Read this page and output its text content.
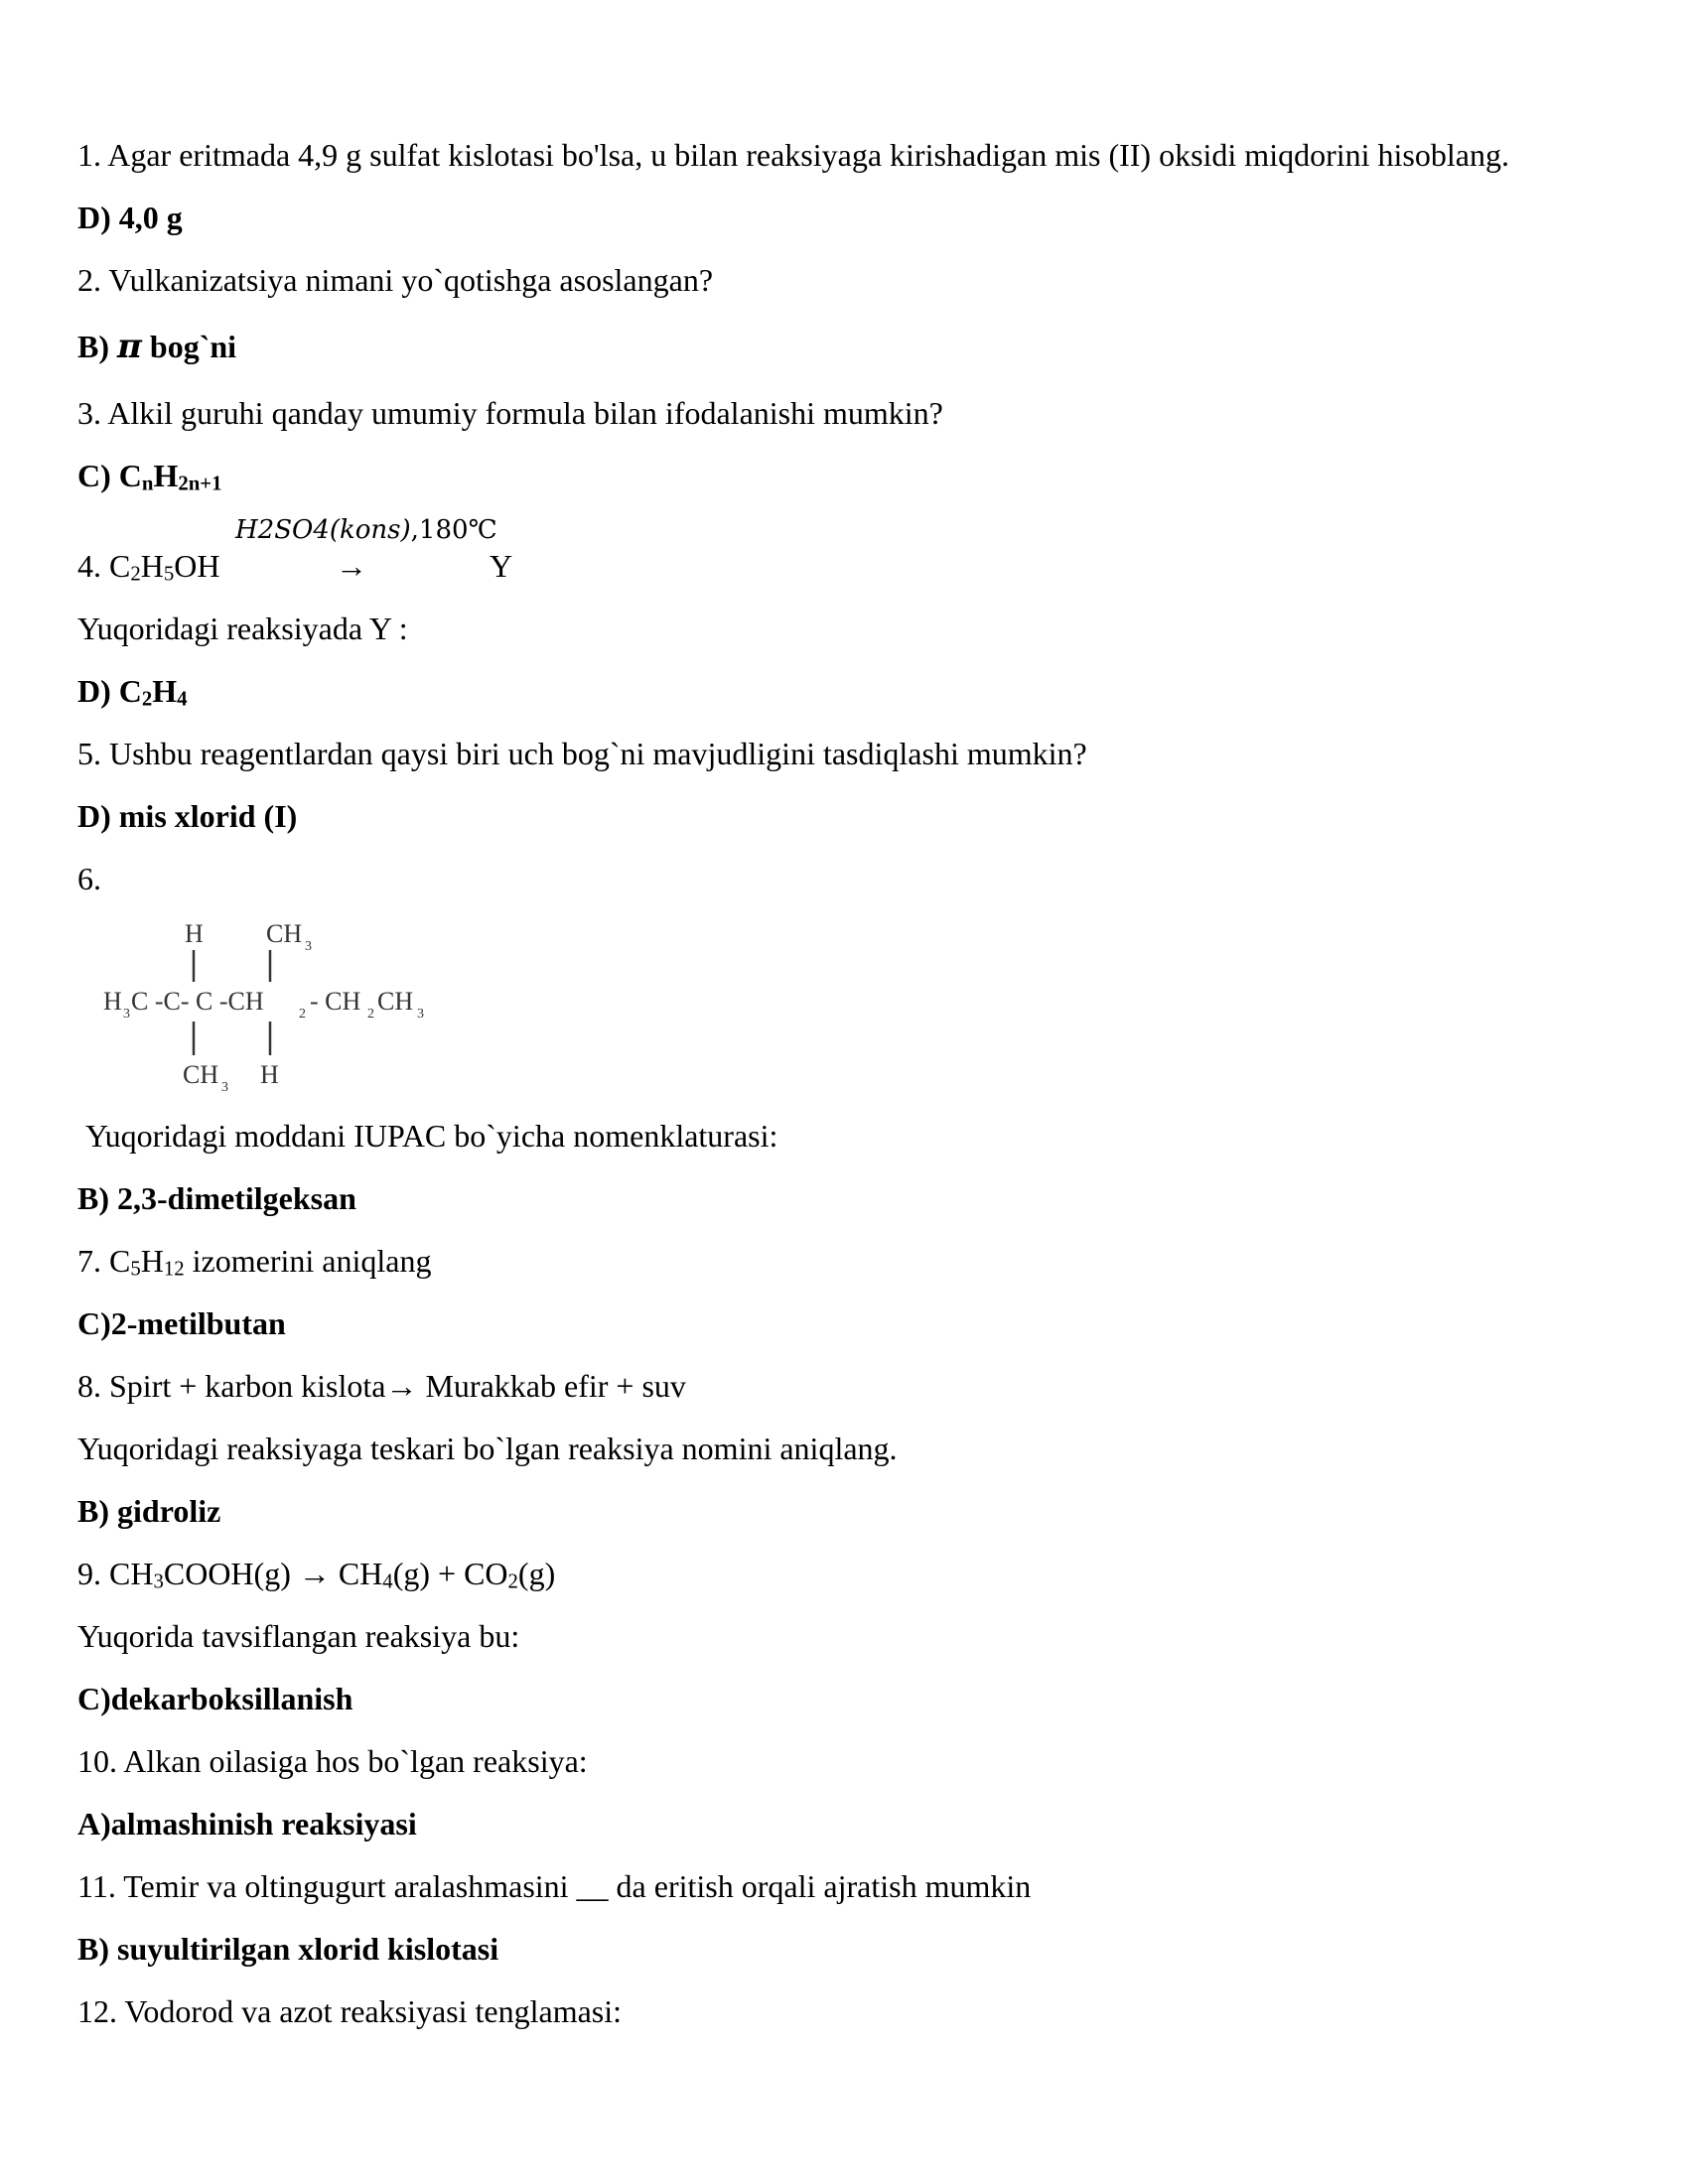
1. Agar eritmada 4,9 g sulfat kislotasi bo'lsa, u bilan reaksiyaga kirishadigan mis (II) oksidi miqdorini hisoblang.
D) 4,0 g
2. Vulkanizatsiya nimani yo`qotishga asoslangan?
B) π bog`ni
3. Alkil guruhi qanday umumiy formula bilan ifodalanishi mumkin?
C) $C_nH_{2n+1}$
H2SO4(kons),180℃
4. $C_2H_5OH$	→	Y
Yuqoridagi reaksiyada Y :
D) $C_2H_4$
5. Ushbu reagentlardan qaysi biri uch bog`ni mavjudligini tasdiqlashi mumkin?
D) mis xlorid (I)
6.
H CH 3
H 3 C -C- C -CH	2 - CH 2 CH 3
CH 3 H
Yuqoridagi moddani IUPAC bo`yicha nomenklaturasi:
B) 2,3-dimetilgeksan
7. $C_5H_{12}$ izomerini aniqlang
C)2-metilbutan
8. Spirt + karbon kislota→ Murakkab efir + suv
Yuqoridagi reaksiyaga teskari bo`lgan reaksiya nomini aniqlang.
B) gidroliz
9. $CH_3COOH(g) \to CH_4(g) + CO_2(g)$
Yuqorida tavsiflangan reaksiya bu:
C)dekarboksillanish
10. Alkan oilasiga hos bo`lgan reaksiya:
A)almashinish reaksiyasi
11. Temir va oltingugurt aralashmasini __ da eritish orqali ajratish mumkin
B) suyultirilgan xlorid kislotasi
12. Vodorod va azot reaksiyasi tenglamasi:
